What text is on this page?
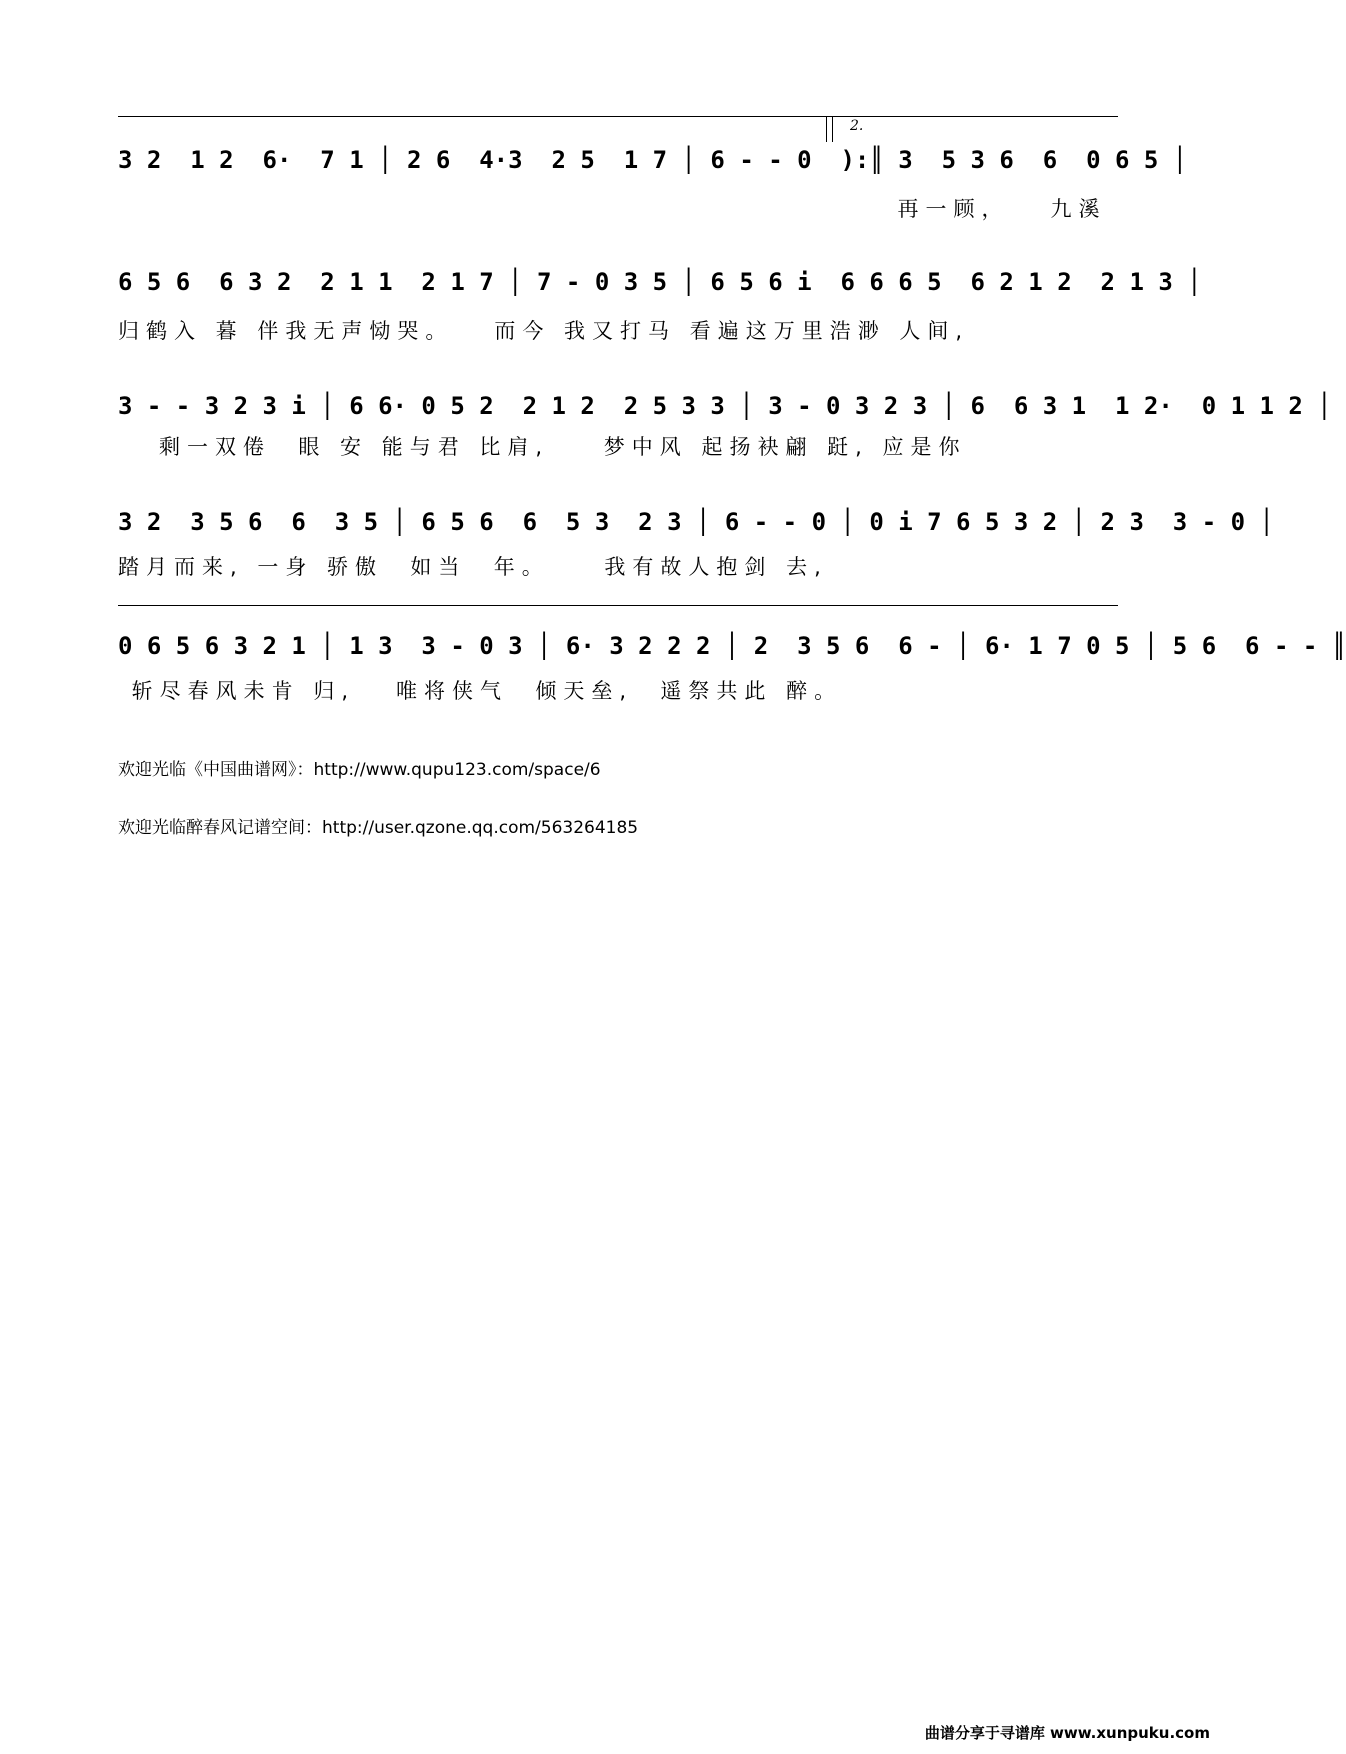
2.
3 2  1 2  6·  7 1 │ 2 6  4·3  2 5  1 7 │ 6 - - 0  ):║ 3  5 3 6  6  0 6 5 │
再一顾，   九溪
6 5 6  6 3 2  2 1 1  2 1 7 │ 7 - 0 3 5 │ 6 5 6 i  6 6 6 5  6 2 1 2  2 1 3 │
归鹤入 暮 伴我无声恸哭。   而今 我又打马 看遍这万里浩渺 人间,
3 - - 3 2 3 i │ 6 6· 0 5 2  2 1 2  2 5 3 3 │ 3 - 0 3 2 3 │ 6  6 3 1  1 2·  0 1 1 2 │
剩一双倦  眼 安 能与君 比肩,    梦中风 起扬袂翩 跹, 应是你
3 2  3 5 6  6  3 5 │ 6 5 6  6  5 3  2 3 │ 6 - - 0 │ 0 i 7 6 5 3 2 │ 2 3  3 - 0 │
踏月而来, 一身 骄傲  如当  年。    我有故人抱剑 去,
0 6 5 6 3 2 1 │ 1 3  3 - 0 3 │ 6· 3 2 2 2 │ 2  3 5 6  6 - │ 6· 1 7 0 5 │ 5 6  6 - - ║
斩尽春风未肯 归,   唯将侠气  倾天垒,  遥祭共此 醉。
欢迎光临《中国曲谱网》：http://www.qupu123.com/space/6
欢迎光临醉春风记谱空间：http://user.qzone.qq.com/563264185
曲谱分享于寻谱库 www.xunpuku.com
